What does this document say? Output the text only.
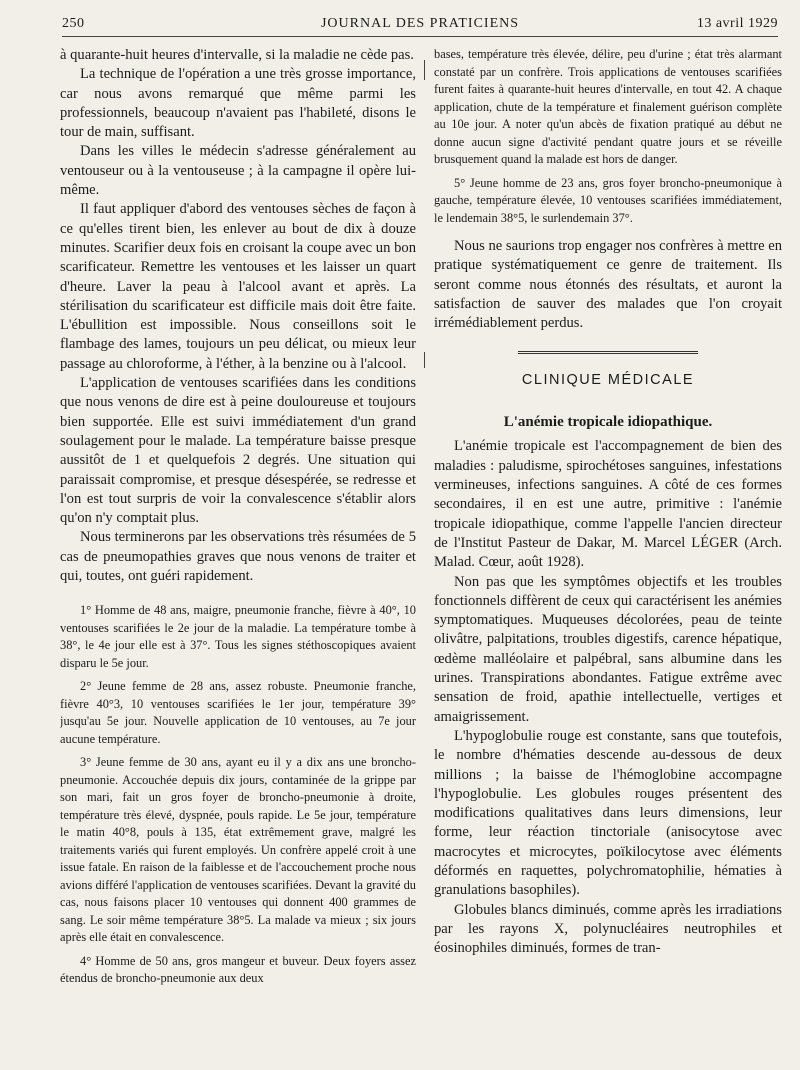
250	JOURNAL DES PRATICIENS	13 avril 1929

à quarante-huit heures d'intervalle, si la maladie ne cède pas.

La technique de l'opération a une très grosse importance, car nous avons remarqué que même parmi les professionnels, beaucoup n'avaient pas l'habileté, disons le tour de main, suffisant.

Dans les villes le médecin s'adresse généralement au ventouseur ou à la ventouseuse ; à la campagne il opère lui-même.

Il faut appliquer d'abord des ventouses sèches de façon à ce qu'elles tirent bien, les enlever au bout de dix à douze minutes. Scarifier deux fois en croisant la coupe avec un bon scarificateur. Remettre les ventouses et les laisser un quart d'heure. Laver la peau à l'alcool avant et après. La stérilisation du scarificateur est difficile mais doit être faite. L'ébullition est impossible. Nous conseillons soit le flambage des lames, toujours un peu délicat, ou mieux leur passage au chloroforme, à l'éther, à la benzine ou à l'alcool.

L'application de ventouses scarifiées dans les conditions que nous venons de dire est à peine douloureuse et toujours bien supportée. Elle est suivi immédiatement d'un grand soulagement pour le malade. La température baisse presque aussitôt de 1 et quelquefois 2 degrés. Une situation qui paraissait compromise, et presque désespérée, se redresse et l'on est tout surpris de voir la convalescence s'établir alors qu'on n'y comptait plus.

Nous terminerons par les observations très résumées de 5 cas de pneumopathies graves que nous venons de traiter et qui, toutes, ont guéri rapidement.

1° Homme de 48 ans, maigre, pneumonie franche, fièvre à 40°, 10 ventouses scarifiées le 2e jour de la maladie. La température tombe à 38°, le 4e jour elle est à 37°. Tous les signes stéthoscopiques avaient disparu le 5e jour.

2° Jeune femme de 28 ans, assez robuste. Pneumonie franche, fièvre 40°3, 10 ventouses scarifiées le 1er jour, température 39° jusqu'au 5e jour. Nouvelle application de 10 ventouses, au 7e jour aucune température.

3° Jeune femme de 30 ans, ayant eu il y a dix ans une broncho-pneumonie. Accouchée depuis dix jours, contaminée de la grippe par son mari, fait un gros foyer de broncho-pneumonie à droite, température très élevé, dyspnée, pouls rapide. Le 5e jour, température le matin 40°8, pouls à 135, état extrêmement grave, malgré les traitements variés qui furent employés. Un confrère appelé croit à une issue fatale. En raison de la faiblesse et de l'accouchement proche nous avions différé l'application de ventouses scarifiées. Devant la gravité du cas, nous faisons placer 10 ventouses qui donnent 400 grammes de sang. Le soir même température 38°5. La malade va mieux ; six jours après elle était en convalescence.

4° Homme de 50 ans, gros mangeur et buveur. Deux foyers assez étendus de broncho-pneumonie aux deux

bases, température très élevée, délire, peu d'urine ; état très alarmant constaté par un confrère. Trois applications de ventouses scarifiées furent faites à quarante-huit heures d'intervalle, en tout 42. A chaque application, chute de la température et finalement guérison complète au 10e jour. A noter qu'un abcès de fixation pratiqué au début ne donne aucun signe d'activité pendant quatre jours et se réveille brusquement quand la malade est hors de danger.

5° Jeune homme de 23 ans, gros foyer broncho-pneumonique à gauche, température élevée, 10 ventouses scarifiées immédiatement, le lendemain 38°5, le surlendemain 37°.

Nous ne saurions trop engager nos confrères à mettre en pratique systématiquement ce genre de traitement. Ils seront comme nous étonnés des résultats, et auront la satisfaction de sauver des malades que l'on croyait irrémédiablement perdus.

CLINIQUE MÉDICALE
L'anémie tropicale idiopathique.

L'anémie tropicale est l'accompagnement de bien des maladies : paludisme, spirochétoses sanguines, infestations vermineuses, infections sanguines. A côté de ces formes secondaires, il en est une autre, primitive : l'anémie tropicale idiopathique, comme l'appelle l'ancien directeur de l'Institut Pasteur de Dakar, M. Marcel LÉGER (Arch. Malad. Cœur, août 1928).

Non pas que les symptômes objectifs et les troubles fonctionnels diffèrent de ceux qui caractérisent les anémies symptomatiques. Muqueuses décolorées, peau de teinte olivâtre, palpitations, troubles digestifs, carence hépatique, œdème malléolaire et palpébral, sans albumine dans les urines. Transpirations abondantes. Fatigue extrême avec sensation de froid, apathie intellectuelle, vertiges et amaigrissement.

L'hypoglobulie rouge est constante, sans que toutefois, le nombre d'hématies descende au-dessous de deux millions ; la baisse de l'hémoglobine accompagne l'hypoglobulie. Les globules rouges présentent des modifications qualitatives dans leurs dimensions, leur forme, leur réaction tinctoriale (anisocytose avec macrocytes et microcytes, poïkilocytose avec éléments déformés en raquettes, polychromatophilie, hématies à granulations basophiles).

Globules blancs diminués, comme après les irradiations par les rayons X, polynucléaires neutrophiles et éosinophiles diminués, formes de tran-
